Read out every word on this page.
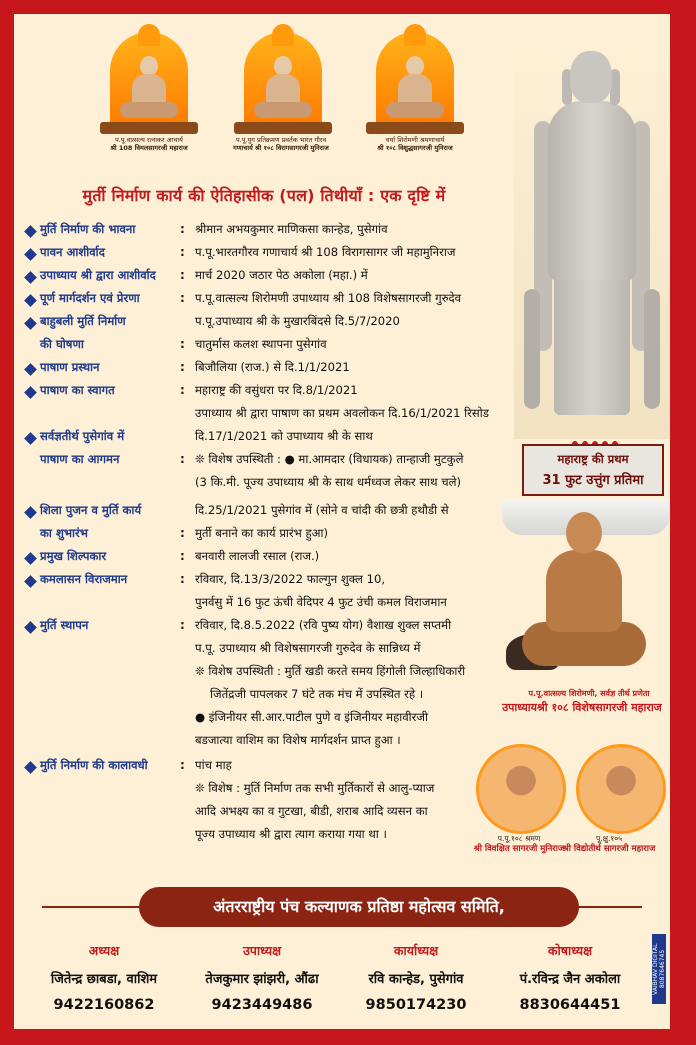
प.पू.वात्सल्य रत्नाकर आचार्य
श्री 108 विमलसागरजी महाराज
प.पू.युग प्रतिक्रमण प्रवर्तक भारत गौरव
गणाचार्य श्री १०८ विरागसागरजी मुनिराज
चर्या शिरोमणी श्रमणाचार्य
श्री १०८ विशुद्धसागरजी मुनिराज
महाराष्ट्र की प्रथम
31 फुट उत्तुंग प्रतिमा
मुर्ती निर्माण कार्य की ऐतिहासीक (पल) तिथीयाँ : एक दृष्टि में
मुर्ति निर्माण की भावना	: श्रीमान अभयकुमार माणिकसा कान्हेड, पुसेगांव
पावन आशीर्वाद	: प.पू.भारतगौरव गणाचार्य श्री 108 विरागसागर जी महामुनिराज
उपाध्याय श्री द्वारा आशीर्वाद : मार्च 2020 जठार पेठ अकोला (महा.) में
पूर्ण मार्गदर्शन एवं प्रेरणा	: प.पू.वात्सल्य शिरोमणी उपाध्याय श्री 108 विशेषसागरजी गुरुदेव
बाहुबली मुर्ति निर्माण	प.पू.उपाध्याय श्री के मुखारबिंदसे दि.5/7/2020
की घोषणा	: चातुर्मास कलश स्थापना पुसेगांव
पाषाण प्रस्थान	: बिजौलिया (राज.) से दि.1/1/2021
पाषाण का स्वागत	: महाराष्ट्र की वसुंधरा पर दि.8/1/2021
उपाध्याय श्री द्वारा पाषाण का प्रथम अवलोकन दि.16/1/2021 रिसोड
सर्वज्ञतीर्थ पुसेगांव में	दि.17/1/2021 को उपाध्याय श्री के साथ
पाषाण का आगमन	: ❊ विशेष उपस्थिती : ● मा.आमदार (विधायक) तान्हाजी मुटकुले
(3 कि.मी. पूज्य उपाध्याय श्री के साथ धर्मध्वज लेकर साथ चले)
शिला पुजन व मुर्ति कार्य	दि.25/1/2021 पुसेगांव में (सोने व चांदी की छत्री हथौडी से
का शुभारंभ	: मुर्ती बनाने का कार्य प्रारंभ हुआ)
प्रमुख शिल्पकार	: बनवारी लालजी रसाल (राज.)
कमलासन विराजमान	: रविवार, दि.13/3/2022 फाल्गुन शुक्ल 10,
पुनर्वसु में 16 फुट ऊंची वेदिपर 4 फुट उंची कमल विराजमान
मुर्ति स्थापन	: रविवार, दि.8.5.2022 (रवि पुष्य योग) वैशाख शुक्ल सप्तमी
प.पू. उपाध्याय श्री विशेषसागरजी गुरुदेव के सान्निध्य में
❊ विशेष उपस्थिती : मुर्ति खडी करते समय हिंगोली जिल्हाधिकारी
जितेंद्रजी पापलकर 7 घंटे तक मंच में उपस्थित रहे ।
● इंजिनीयर सी.आर.पाटील पुणे व इंजिनीयर महावीरजी
बडजात्या वाशिम का विशेष मार्गदर्शन प्राप्त हुआ ।
मुर्ति निर्माण की कालावधी	: पांच माह
❊ विशेष : मुर्ति निर्माण तक सभी मुर्तिकारों से आलु-प्याज
आदि अभक्ष्य का व गुटखा, बीडी, शराब आदि व्यसन का
पूज्य उपाध्याय श्री द्वारा त्याग कराया गया था ।
प.पू.वात्सल्य शिरोमणी, सर्वज्ञ तीर्थ प्रणेता
उपाध्यायश्री १०८ विशेषसागरजी महाराज
प.पू.१०८ श्रमण
श्री विवक्षित सागरजी मुनिराज
पू.क्षु.१०५
श्री विद्योतीर्थ सागरजी महाराज
अंतरराष्ट्रीय पंच कल्याणक प्रतिष्ठा महोत्सव समिति,
अध्यक्ष
जितेन्द्र छाबडा, वाशिम
9422160862
उपाध्यक्ष
तेजकुमार झांझरी, औंढा
9423449486
कार्याध्यक्ष
रवि कान्हेड, पुसेगांव
9850174230
कोषाध्यक्ष
पं.रविन्द्र जैन अकोला
8830644451
VAIBHAV DIGITAL 8087646745
